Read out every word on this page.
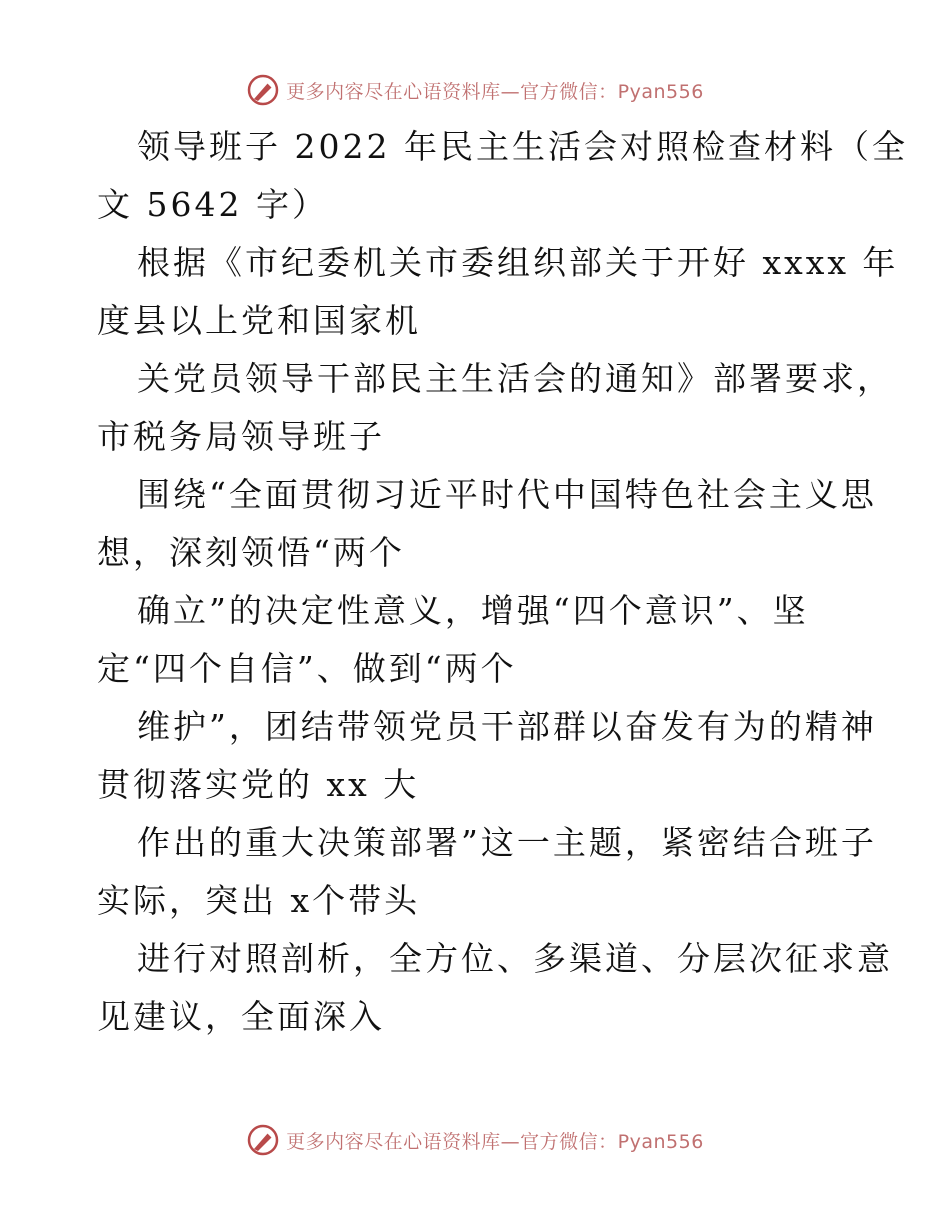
更多内容尽在心语资料库—官方微信：Pyan556

领导班子 2022 年民主生活会对照检查材料（全
文 5642 字）

根据《市纪委机关市委组织部关于开好 xxxx 年
度县以上党和国家机

关党员领导干部民主生活会的通知》部署要求，
市税务局领导班子

围绕“全面贯彻习近平时代中国特色社会主义思
想，深刻领悟“两个

确立”的决定性意义，增强“四个意识”、坚
定“四个自信”、做到“两个

维护”，团结带领党员干部群以奋发有为的精神
贯彻落实党的 xx 大

作出的重大决策部署”这一主题，紧密结合班子
实际，突出 x个带头

进行对照剖析，全方位、多渠道、分层次征求意
见建议，全面深入

更多内容尽在心语资料库—官方微信：Pyan556
